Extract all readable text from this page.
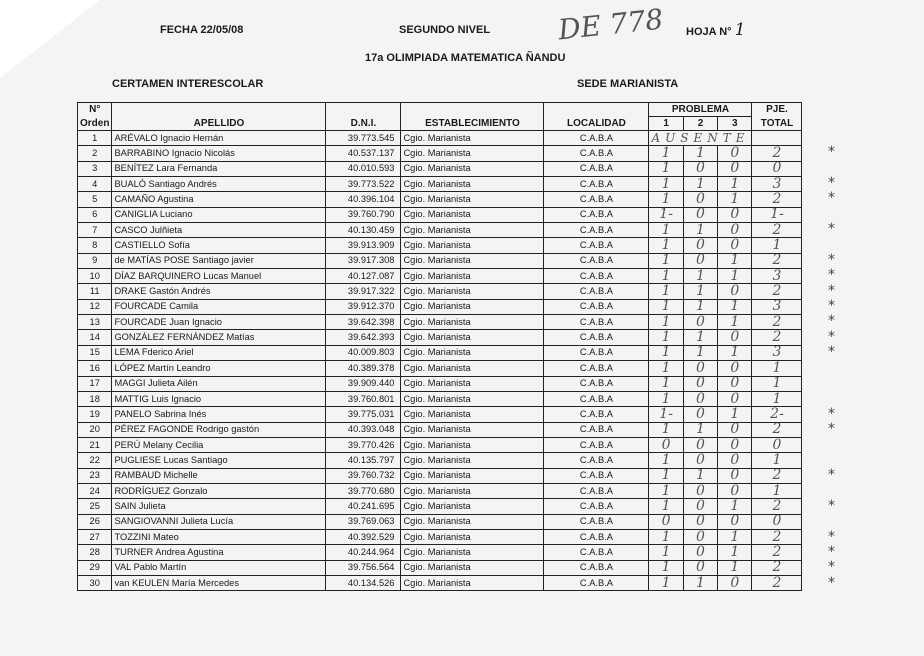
FECHA 22/05/08	SEGUNDO NIVEL DE 778 HOJA N° 1
17a OLIMPIADA MATEMATICA ÑANDU
CERTAMEN INTERESCOLAR	SEDE MARIANISTA
N°	APELLIDO	D.N.I.	ESTABLECIMIENTO	LOCALIDAD	PROBLEMA			PJE.
Orden					1	2	3	TOTAL
1	ARÉVALO Ignacio Hernán	39.773.545	Cgio. Marianista	C.A.B.A	AUSENTE			
2	BARRABINO Ignacio Nicolás	40.537.137	Cgio. Marianista	C.A.B.A	1	1	0	2
3	BENÍTEZ Lara Fernanda	40.010.593	Cgio. Marianista	C.A.B.A	1	0	0	0
4	BUALÓ Santiago Andrés	39.773.522	Cgio. Marianista	C.A.B.A	1	1	1	3
5	CAMAÑO Agustina	40.396.104	Cgio. Marianista	C.A.B.A	1	0	1	2
6	CANIGLIA Luciano	39.760.790	Cgio. Marianista	C.A.B.A	1-	0	0	1-
7	CASCO Julñieta	40.130.459	Cgio. Marianista	C.A.B.A	1	1	0	2
8	CASTIELLO Sofía	39.913.909	Cgio. Marianista	C.A.B.A	1	0	0	1
9	de MATÍAS POSE Santiago javier	39.917.308	Cgio. Marianista	C.A.B.A	1	0	1	2
10	DÍAZ BARQUINERO Lucas Manuel	40.127.087	Cgio. Marianista	C.A.B.A	1	1	1	3
11	DRAKE Gastón Andrés	39.917.322	Cgio. Marianista	C.A.B.A	1	1	0	2
12	FOURCADE Camila	39.912.370	Cgio. Marianista	C.A.B.A	1	1	1	3
13	FOURCADE Juan Ignacio	39.642.398	Cgio. Marianista	C.A.B.A	1	0	1	2
14	GONZÁLEZ FERNÁNDEZ Matías	39.642.393	Cgio. Marianista	C.A.B.A	1	1	0	2
15	LEMA Fderico Ariel	40.009.803	Cgio. Marianista	C.A.B.A	1	1	1	3
16	LÓPEZ Martín Leandro	40.389.378	Cgio. Marianista	C.A.B.A	1	0	0	1
17	MAGGI Julieta Ailén	39.909.440	Cgio. Marianista	C.A.B.A	1	0	0	1
18	MATTIG Luis Ignacio	39.760.801	Cgio. Marianista	C.A.B.A	1	0	0	1
19	PANELO Sabrina Inés	39.775.031	Cgio. Marianista	C.A.B.A	1-	0	1	2-
20	PÉREZ FAGONDE Rodrigo gastón	40.393.048	Cgio. Marianista	C.A.B.A	1	1	0	2
21	PERÚ Melany Cecilia	39.770.426	Cgio. Marianista	C.A.B.A	0	0	0	0
22	PUGLIESE Lucas Santiago	40.135.797	Cgio. Marianista	C.A.B.A	1	0	0	1
23	RAMBAUD Michelle	39.760.732	Cgio. Marianista	C.A.B.A	1	1	0	2
24	RODRÍGUEZ Gonzalo	39.770.680	Cgio. Marianista	C.A.B.A	1	0	0	1
25	SAIN Julieta	40.241.695	Cgio. Marianista	C.A.B.A	1	0	1	2
26	SANGIOVANNI Julieta Lucía	39.769.063	Cgio. Marianista	C.A.B.A	0	0	0	0
27	TOZZINI Mateo	40.392.529	Cgio. Marianista	C.A.B.A	1	0	1	2
28	TURNER Andrea Agustina	40.244.964	Cgio. Marianista	C.A.B.A	1	0	1	2
29	VAL Pablo Martín	39.756.564	Cgio. Marianista	C.A.B.A	1	0	1	2
30	van KEULEN María Mercedes	40.134.526	Cgio. Marianista	C.A.B.A	1	1	0	2
*
*
*
*
*
*
*
*
*
*
*
*
*
*
*
*
*
*
*
